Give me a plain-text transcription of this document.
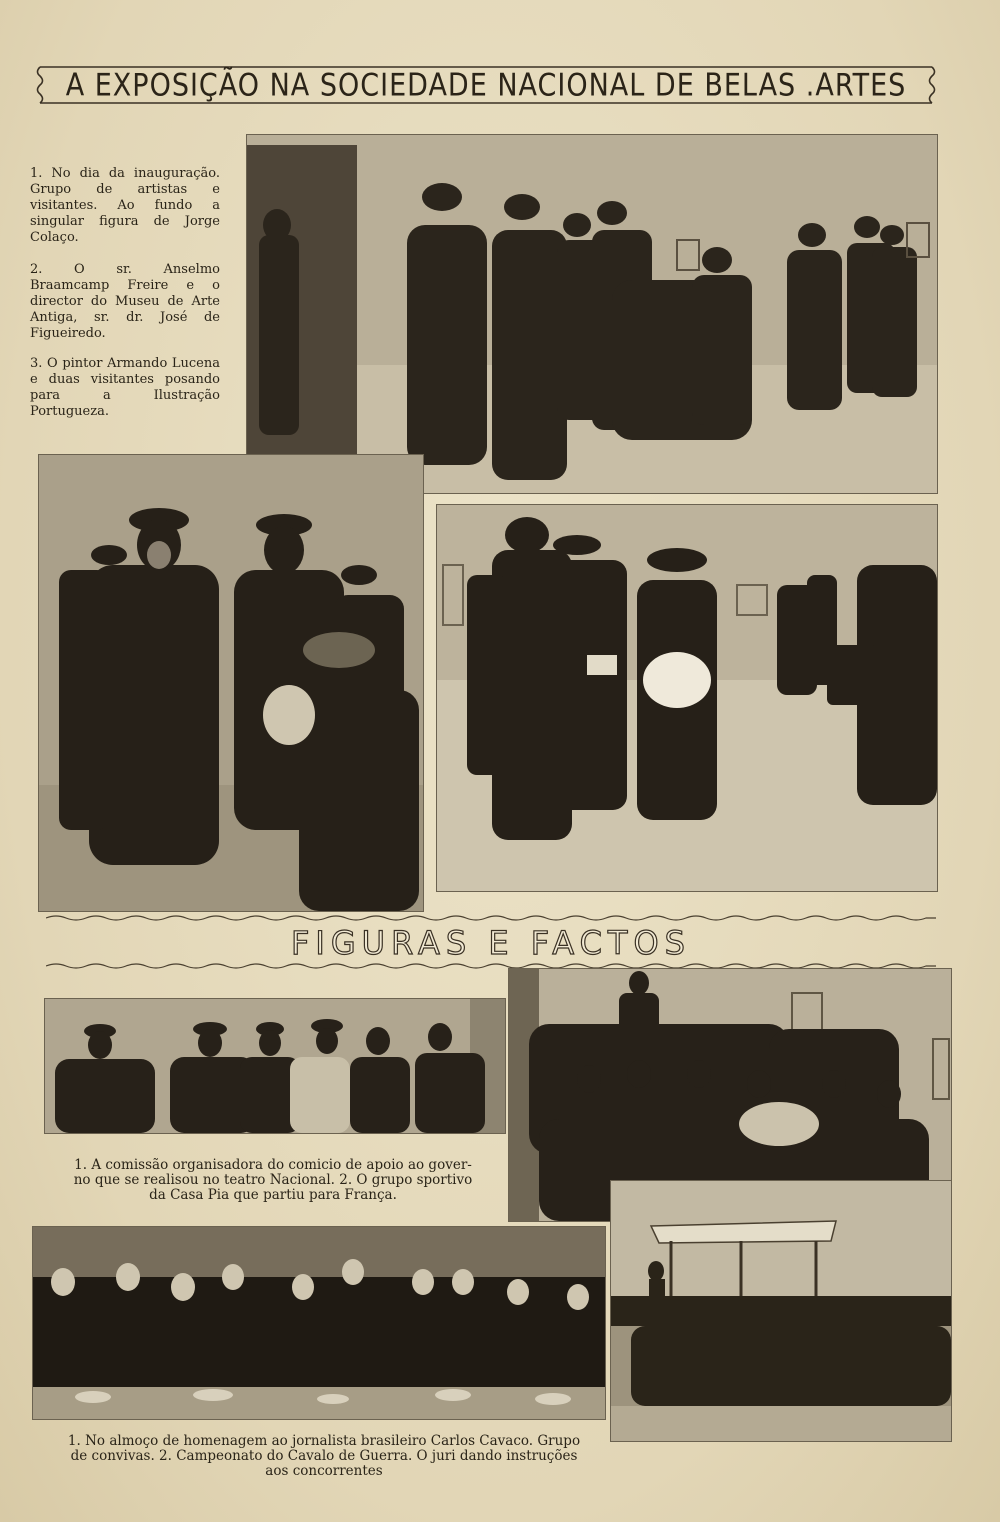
A EXPOSIÇÃO NA SOCIEDADE NACIONAL DE BELAS .ARTES

1. No dia da inauguração. Grupo de artistas e visitantes. Ao fundo a singular figura de Jorge Colaço.

2. O sr. Anselmo Braamcamp Freire e o director do Museu de Arte Antiga, sr. dr. José de Figueiredo.

3. O pintor Armando Lucena e duas visitantes posando para a Ilustração Portugueza.

FIGURAS E FACTOS
1. A comissão organisadora do comicio de apoio ao gover-
no que se realisou no teatro Nacional. 2. O grupo sportivo
da Casa Pia que partiu para França.
1. No almoço de homenagem ao jornalista brasileiro Carlos Cavaco. Grupo
de convivas. 2. Campeonato do Cavalo de Guerra. O juri dando instruções
aos concorrentes
